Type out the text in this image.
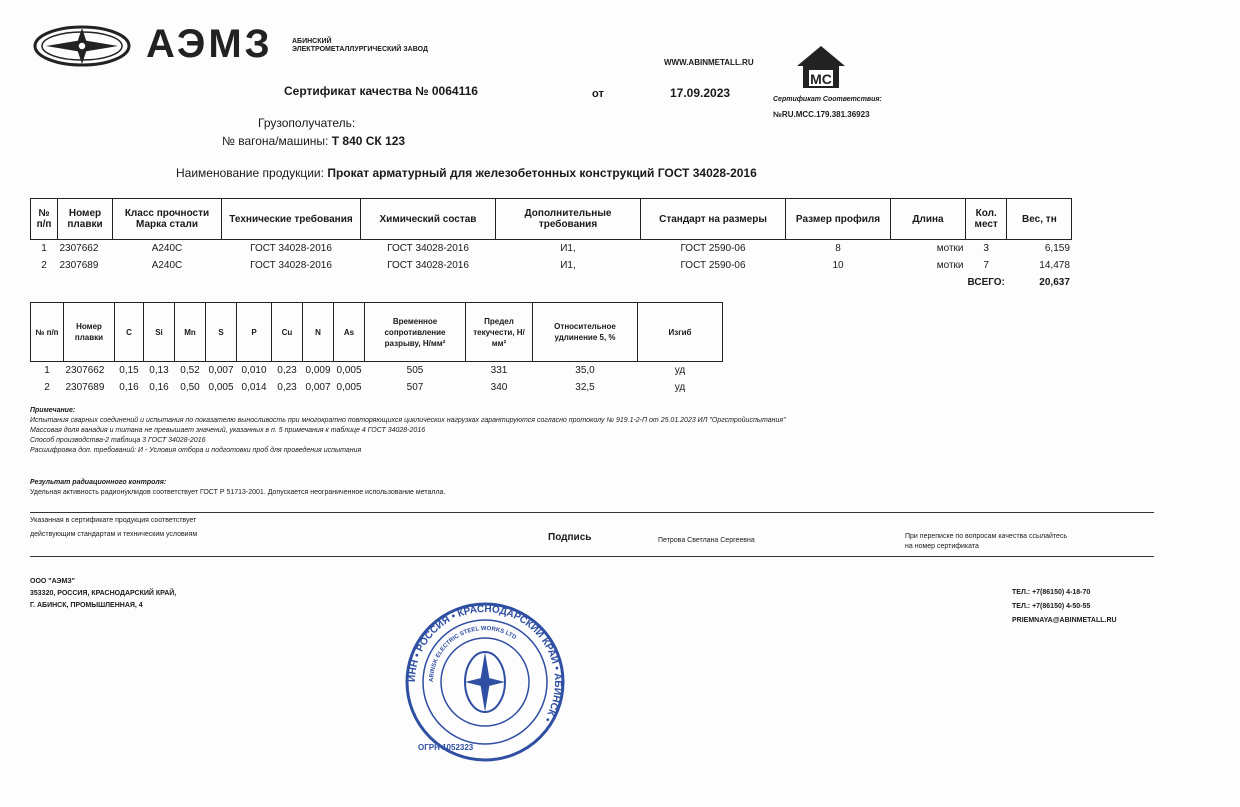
АЭМЗ	АБИНСКИЙ ЭЛЕКТРОМЕТАЛЛУРГИЧЕСКИЙ ЗАВОД
WWW.ABINMETALL.RU
МС
Сертификат качества № 0064116	от	17.09.2023	Сертификат Соответствия:
№RU.МСС.179.381.36923
Грузополучатель:
№ вагона/машины: Т 840 СК 123
Наименование продукции: Прокат арматурный для железобетонных конструкций ГОСТ 34028-2016
№ п/п	Номер плавки	Класс прочности Марка стали	Технические требования	Химический состав	Дополнительные требования	Стандарт на размеры	Размер профиля	Длина	Кол. мест	Вес, тн
1	2307662	А240С	ГОСТ 34028-2016	ГОСТ 34028-2016	И1,	ГОСТ 2590-06	8	мотки	3	6,159
2	2307689	А240С	ГОСТ 34028-2016	ГОСТ 34028-2016	И1,	ГОСТ 2590-06	10	мотки	7	14,478
									ВСЕГО:	20,637
№ п/п	Номер плавки	C	Si	Mn	S	P	Cu	N	As	Временное сопротивление разрыву, Н/мм²	Предел текучести, Н/мм²	Относительное удлинение 5, %	Изгиб
1	2307662	0,15	0,13	0,52	0,007	0,010	0,23	0,009	0,005	505	331	35,0	уд
2	2307689	0,16	0,16	0,50	0,005	0,014	0,23	0,007	0,005	507	340	32,5	уд
Примечание:
Испытания сварных соединений и испытания по показателю выносливость при многократно повторяющихся циклических нагрузках гарантируются согласно протоколу № 919.1-2-П от 25.01.2023 ИЛ "Оргстройиспытания"
Массовая доля ванадия и титана не превышает значений, указанных в п. 5 примечания к таблице 4 ГОСТ 34028-2016
Способ производства-2 таблица 3 ГОСТ 34028-2016
Расшифровка доп. требований: И - Условия отбора и подготовки проб для проведения испытания
Результат радиационного контроля:
Удельная активность радионуклидов соответствует ГОСТ Р 51713-2001. Допускается неограниченное использование металла.
Указанная в сертификате продукция соответствует
действующим стандартам и техническим условиям	Подпись	Петрова Светлана Сергеевна
При переписке по вопросам качества ссылайтесь
на номер сертификата
ООО "АЭМЗ"
353320, РОССИЯ, КРАСНОДАРСКИЙ КРАЙ,
Г. АБИНСК, ПРОМЫШЛЕННАЯ, 4
ТЕЛ.: +7(86150) 4-18-70
ТЕЛ.: +7(86150) 4-50-55
PRIEMNAYA@ABINMETALL.RU
ИНН • РОССИЯ • КРАСНОДАРСКИЙ КРАЙ • АБИНСК •
ABINSK ELECTRIC STEEL WORKS LTD
ОГРН 1052323
